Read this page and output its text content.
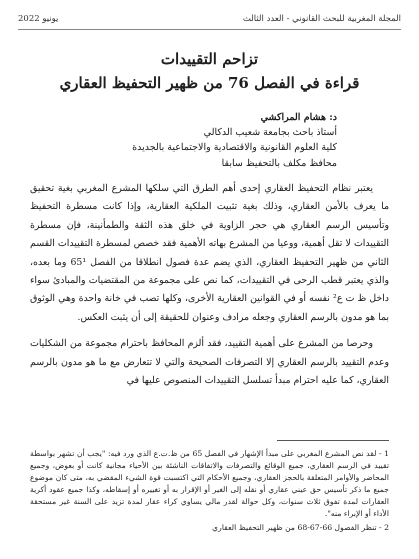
المجلة المغربية للبحث القانوني - العدد الثالث
يونيو 2022
تزاحم التقييدات
قراءة في الفصل 76 من ظهير التحفيظ العقاري
د: هشام المراكشي
أستاذ باحث بجامعة شعيب الدكالي
كلية العلوم القانونية والاقتصادية والاجتماعية بالجديدة
محافظ مكلف بالتحفيظ سابقا

يعتبر نظام التحفيظ العقاري إحدى أهم الطرق التي سلكها المشرع المغربي بغية تحقيق ما يعرف بالأمن العقاري، وذلك بغية تثبيت الملكية العقارية، وإذا كانت مسطرة التحفيظ وتأسيس الرسم العقاري هي حجر الزاوية في خلق هذه الثقة والطمأنينة، فإن مسطرة التقييدات لا تقل أهمية، ووعيا من المشرع بهاته الأهمية فقد خصص لمسطرة التقييدات القسم الثاني من ظهير التحفيظ العقاري، الذي يضم عدة فصول انطلاقا من الفصل 65¹ وما بعده، والذي يعتبر قطب الرحى في التقييدات، كما نص على مجموعة من المقتضيات والمبادئ سواء داخل ظ ت ع² نفسه أو في القوانين العقارية الأخرى، وكلها تصب في خانة واحدة وهي الوثوق بما هو مدون بالرسم العقاري وجعله مرادف وعنوان للحقيقة إلى أن يثبت العكس.

وحرصا من المشرع على أهمية التقييد، فقد ألزم المحافظ باحترام مجموعة من الشكليات وعدم التقييد بالرسم العقاري إلا التصرفات الصحيحة والتي لا تتعارض مع ما هو مدون بالرسم العقاري، كما عليه احترام مبدأ تسلسل التقييدات المنصوص عليها في

1 - لقد نص المشرع المغربي على مبدأ الإشهار في الفصل 65 من ظ.ت.ع الذي ورد فيه: "يجب أن تشهر بواسطة تقييد في الرسم العقاري، جميع الوقائع والتصرفات والاتفاقات الناشئة بين الأحياء مجانية كانت أو بعوض، وجميع المحاضر والأوامر المتعلقة بالحجز العقاري، وجميع الأحكام التي اكتسبت قوة الشيء المقضي به، متى كان موضوع جميع ما ذكر تأسيس حق عيني عقاري أو نقله إلى الغير أو الإقرار به أو تغييره أو إسقاطه، وكذا جميع عقود أكرية العقارات لمدة تفوق ثلاث سنوات، وكل حوالة لقدر مالي يساوي كراء عقار لمدة تزيد على السنة غير مستحقة الأداء أو الإبراء منه".

2 - تنظر الفصول 66-67-68 من ظهير التحفيظ العقاري
